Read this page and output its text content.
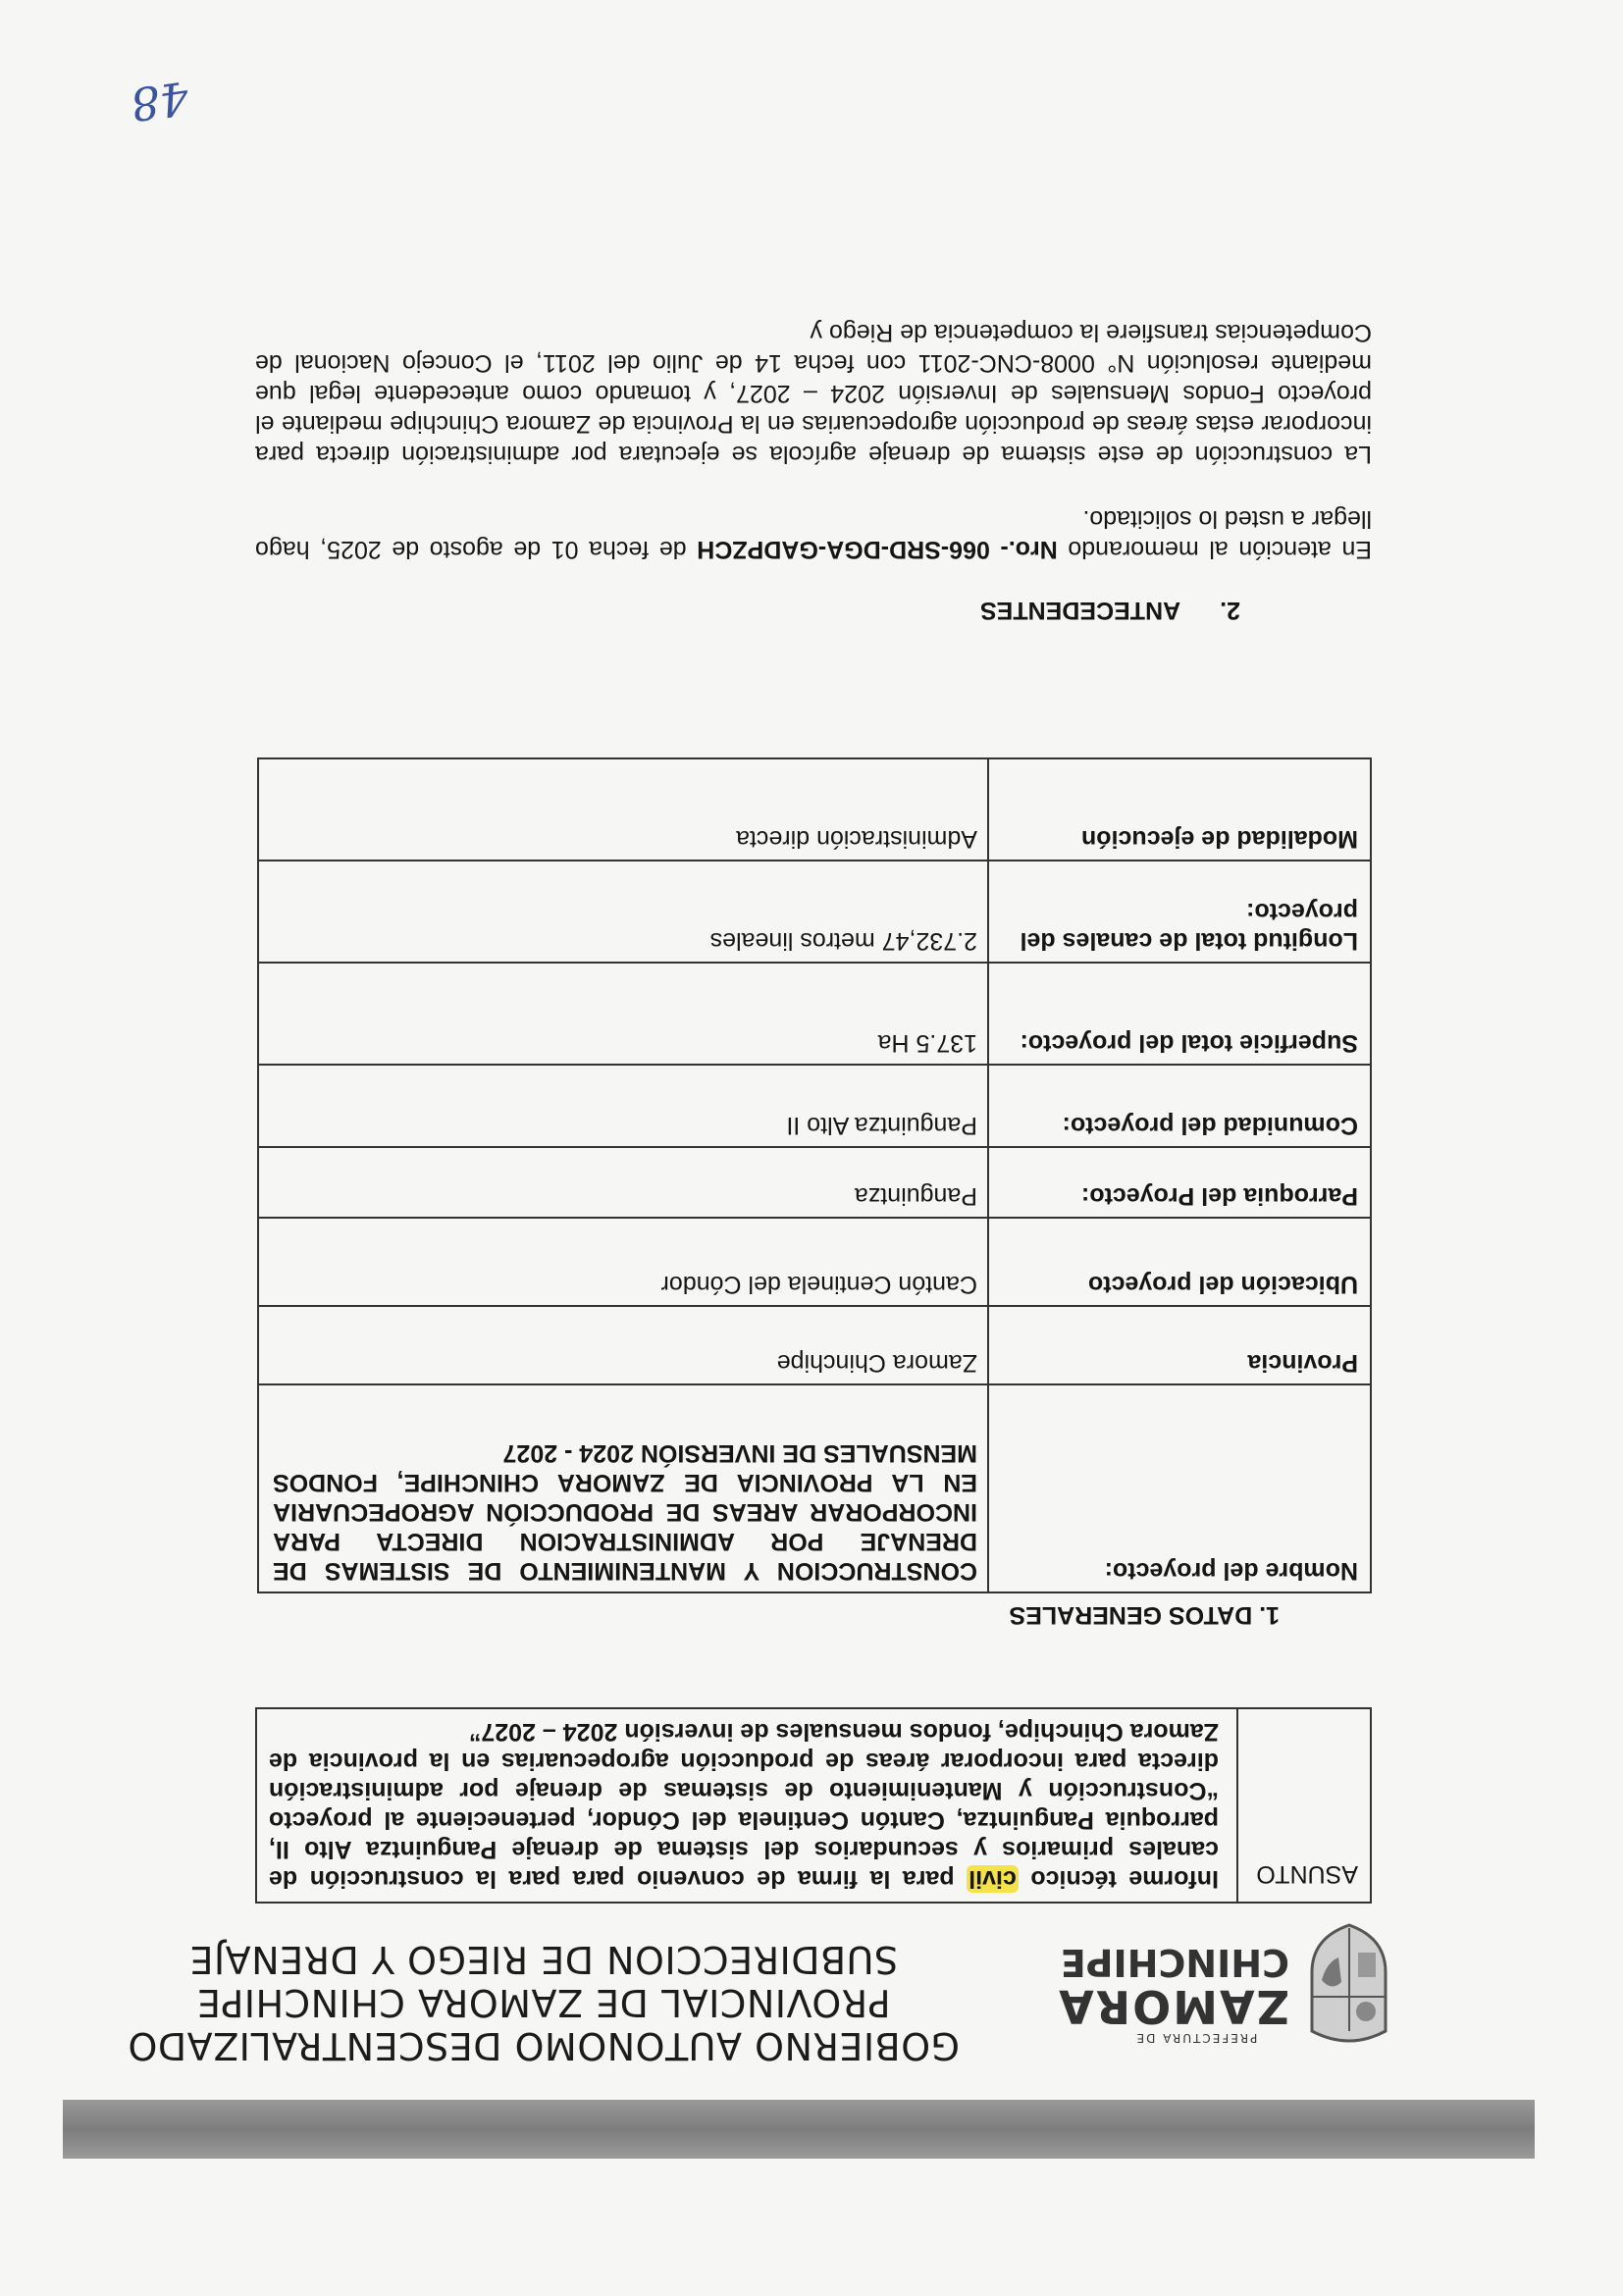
PREFECTURA DE
ZAMORA
CHINCHIPE
GOBIERNO AUTONOMO DESCENTRALIZADO
PROVINCIAL DE ZAMORA CHINCHIPE
SUBDIRECCION DE RIEGO Y DRENAJE
ASUNTO	Informe técnico civil para la firma de convenio para para la construcción de canales primarios y secundarios del sistema de drenaje Panguintza Alto II, parroquia Panguintza, Cantón Centinela del Cóndor, perteneciente al proyecto “Construcción y Mantenimiento de sistemas de drenaje por administración directa para incorporar áreas de producción agropecuarias en la provincia de Zamora Chinchipe, fondos mensuales de inversión 2024 – 2027”
1. DATOS GENERALES
Nombre del proyecto:	CONSTRUCCION Y MANTENIMIENTO DE SISTEMAS DE DRENAJE POR ADMINISTRACION DIRECTA PARA INCORPORAR AREAS DE PRODUCCIÓN AGROPECUARIA EN LA PROVINCIA DE ZAMORA CHINCHIPE, FONDOS MENSUALES DE INVERSIÓN 2024 - 2027
Provincia	Zamora Chinchipe
Ubicación del proyecto	Cantón Centinela del Cóndor
Parroquia del Proyecto:	Panguintza
Comunidad del proyecto:	Panguintza Alto II
Superficie total del proyecto:	137.5 Ha
Longitud total de canales del proyecto:	2.732,47 metros lineales
Modalidad de ejecución	Administración directa
2.ANTECEDENTES
En atención al memorando Nro.- 066-SRD-DGA-GADPZCH de fecha 01 de agosto de 2025, hago llegar a usted lo solicitado.
La construcción de este sistema de drenaje agrícola se ejecutara por administración directa para incorporar estas áreas de producción agropecuarias en la Provincia de Zamora Chinchipe mediante el proyecto Fondos Mensuales de Inversión 2024 – 2027, y tomando como antecedente legal que mediante resolución N° 0008-CNC-2011 con fecha 14 de Julio del 2011, el Concejo Nacional de Competencias transfiere la competencia de Riego y
48
